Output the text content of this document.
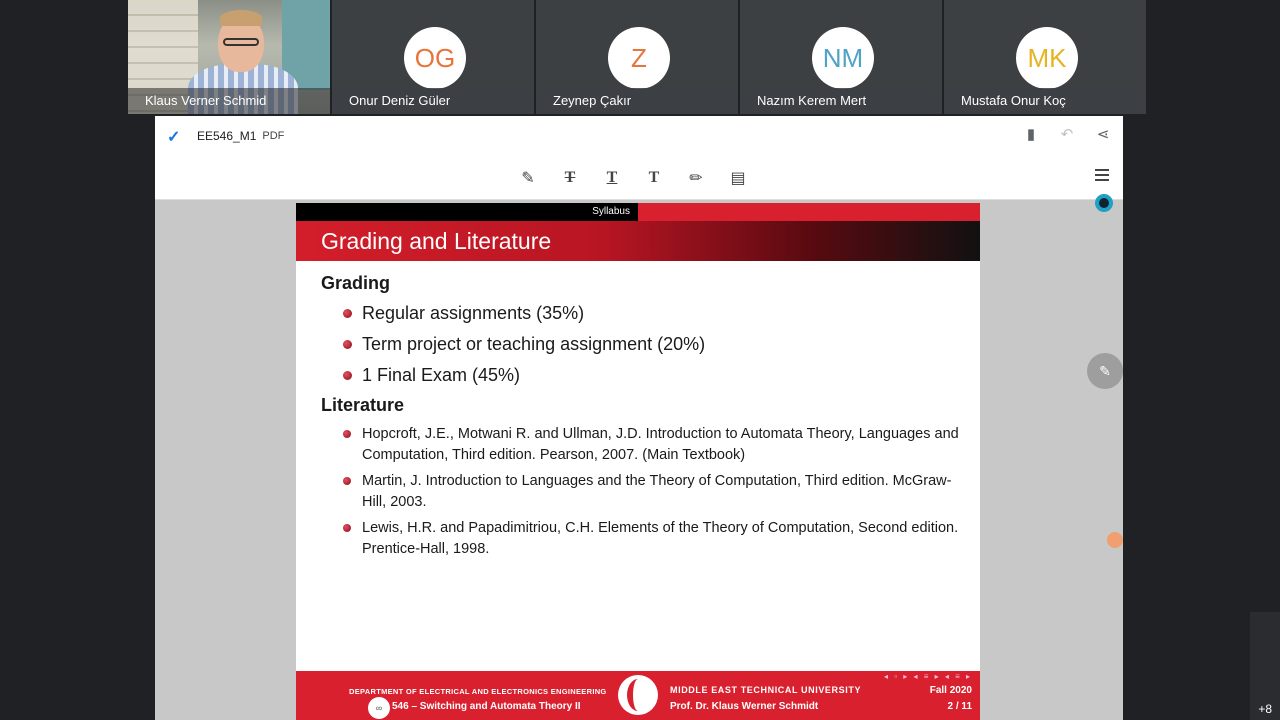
Klaus Verner Schmid
OG
Onur Deniz Güler
Z
Zeynep Çakır
NM
Nazım Kerem Mert
MK
Mustafa Onur Koç
✓	EE546_M1 PDF	▮ ↶ ⋖
✎ T T T ✏ ▤
✎
Syllabus
Grading and Literature
Grading
Regular assignments (35%)
Term project or teaching assignment (20%)
1 Final Exam (45%)
Literature
Hopcroft, J.E., Motwani R. and Ullman, J.D. Introduction to Automata Theory, Languages and Computation, Third edition. Pearson, 2007. (Main Textbook)
Martin, J. Introduction to Languages and the Theory of Computation, Third edition. McGraw-Hill, 2003.
Lewis, H.R. and Papadimitriou, C.H. Elements of the Theory of Computation, Second edition. Prentice-Hall, 1998.
◂ ▫ ▸ ◂ ≡ ▸ ◂ ≡ ▸
DEPARTMENT OF ELECTRICAL AND ELECTRONICS ENGINEERING
∞ 546 – Switching and Automata Theory II
MIDDLE EAST TECHNICAL UNIVERSITY
Prof. Dr. Klaus Werner Schmidt
Fall 2020
2 / 11	+8
